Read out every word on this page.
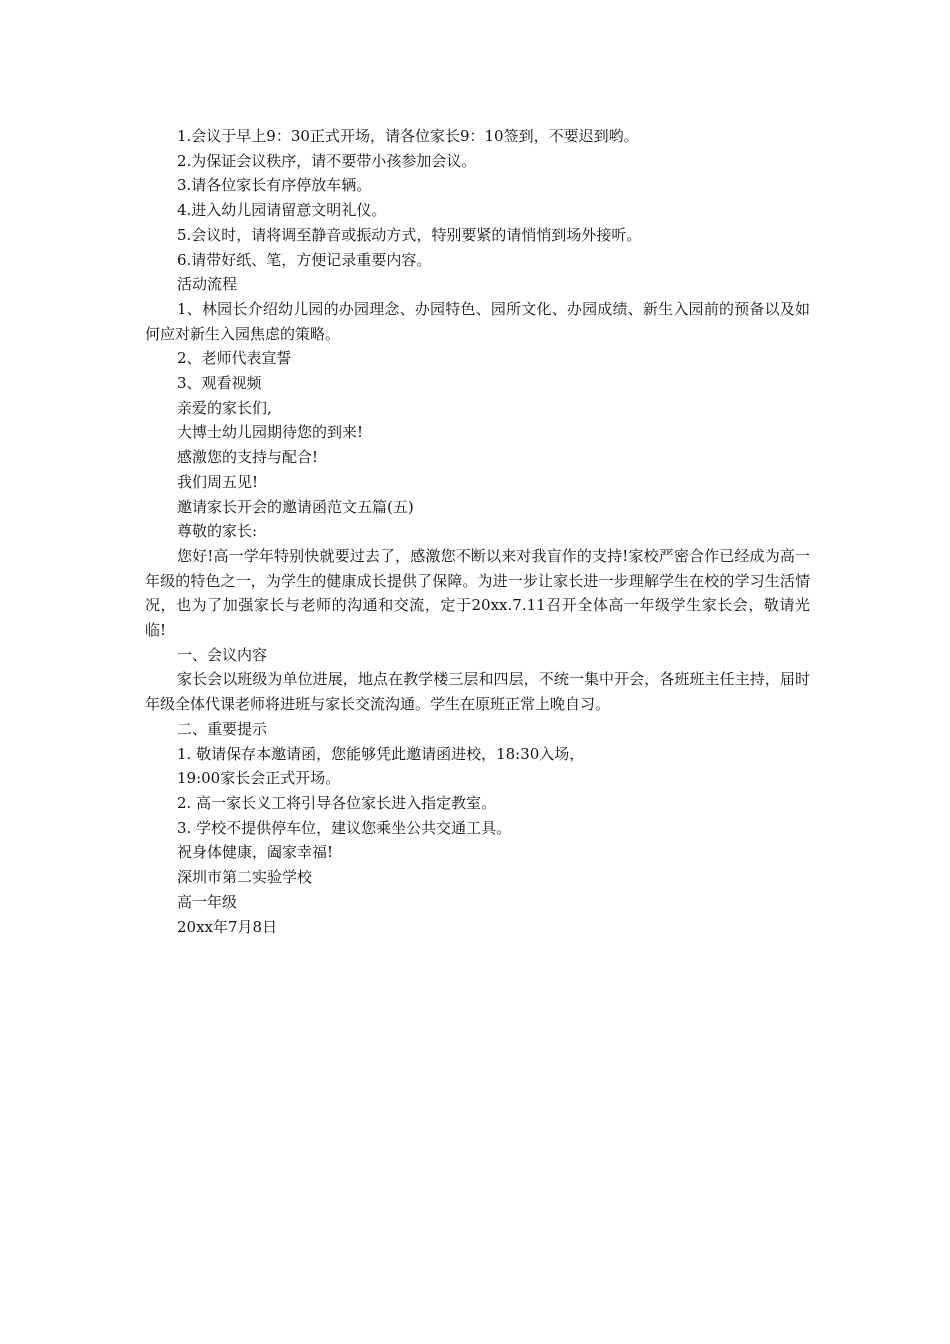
1.会议于早上9：30正式开场，请各位家长9：10签到，不要迟到哟。

2.为保证会议秩序，请不要带小孩参加会议。

3.请各位家长有序停放车辆。

4.进入幼儿园请留意文明礼仪。

5.会议时，请将调至静音或振动方式，特别要紧的请悄悄到场外接听。

6.请带好纸、笔，方便记录重要内容。

活动流程

1、林园长介绍幼儿园的办园理念、办园特色、园所文化、办园成绩、新生入园前的预备以及如何应对新生入园焦虑的策略。

2、老师代表宣誓

3、观看视频

亲爱的家长们,

大博士幼儿园期待您的到来!

感激您的支持与配合!

我们周五见!

邀请家长开会的邀请函范文五篇(五)

尊敬的家长:

您好!高一学年特别快就要过去了，感激您不断以来对我盲作的支持!家校严密合作已经成为高一年级的特色之一，为学生的健康成长提供了保障。为进一步让家长进一步理解学生在校的学习生活情况，也为了加强家长与老师的沟通和交流，定于20xx.7.11召开全体高一年级学生家长会，敬请光临!

一、会议内容

家长会以班级为单位进展，地点在教学楼三层和四层，不统一集中开会，各班班主任主持，届时年级全体代课老师将进班与家长交流沟通。学生在原班正常上晚自习。

二、重要提示

1. 敬请保存本邀请函，您能够凭此邀请函进校，18:30入场，

19:00家长会正式开场。

2. 高一家长义工将引导各位家长进入指定教室。

3. 学校不提供停车位，建议您乘坐公共交通工具。

祝身体健康，阖家幸福!

深圳市第二实验学校

高一年级

20xx年7月8日
